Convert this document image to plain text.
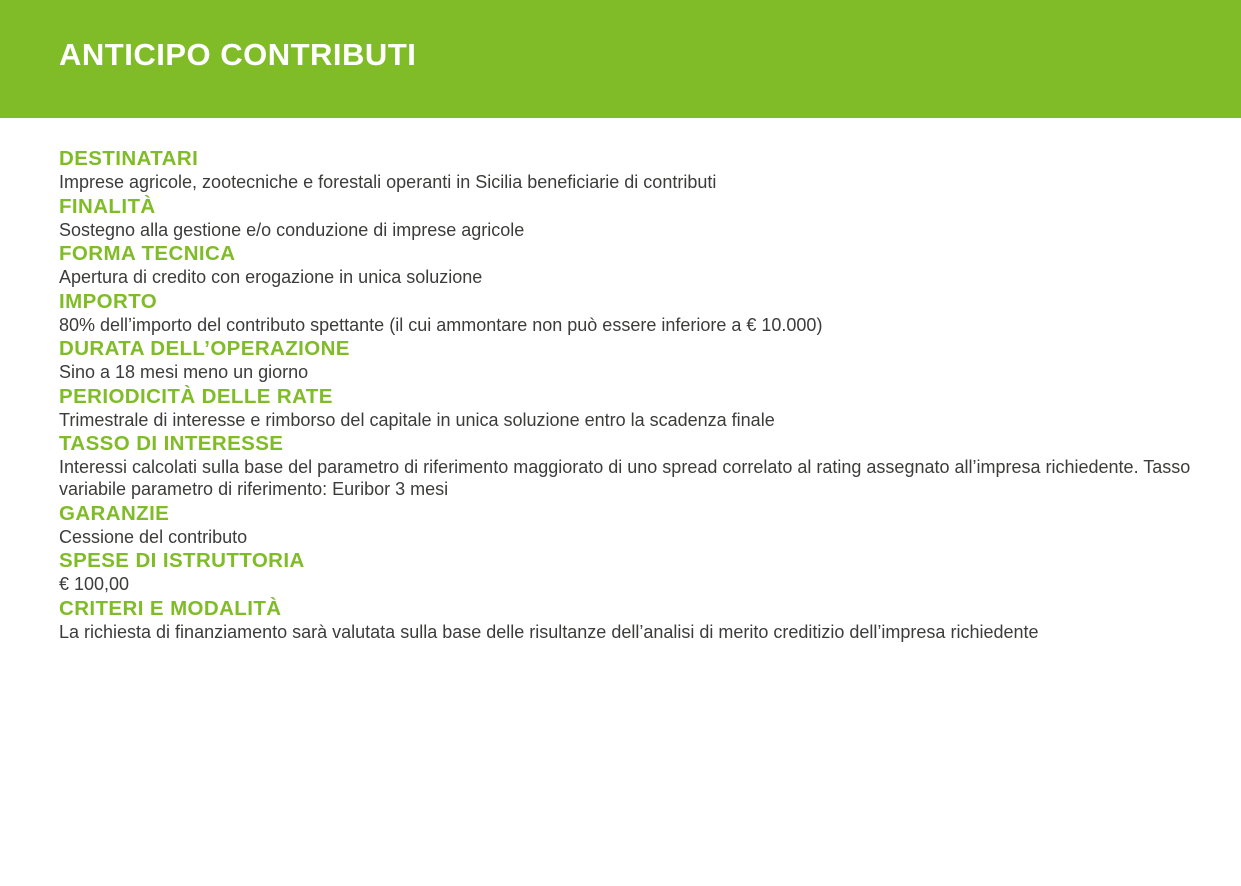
ANTICIPO CONTRIBUTI

DESTINATARI

Imprese agricole, zootecniche e forestali operanti in Sicilia beneficiarie di contributi

FINALITÀ

Sostegno alla gestione e/o conduzione di imprese agricole

FORMA TECNICA

Apertura di credito con erogazione in unica soluzione

IMPORTO

80% dell’importo del contributo spettante (il cui ammontare non può essere inferiore a € 10.000)

DURATA DELL’OPERAZIONE

Sino a 18 mesi meno un giorno

PERIODICITÀ DELLE RATE

Trimestrale di interesse e rimborso del capitale in unica soluzione entro la scadenza finale

TASSO DI INTERESSE

Interessi calcolati sulla base del parametro di riferimento maggiorato di uno spread correlato al rating assegnato all’impresa richiedente. Tasso variabile parametro di riferimento: Euribor 3 mesi

GARANZIE

Cessione del contributo

SPESE DI ISTRUTTORIA

€ 100,00

CRITERI E MODALITÀ

La richiesta di finanziamento sarà valutata sulla base delle risultanze dell’analisi di merito creditizio dell’impresa richiedente
